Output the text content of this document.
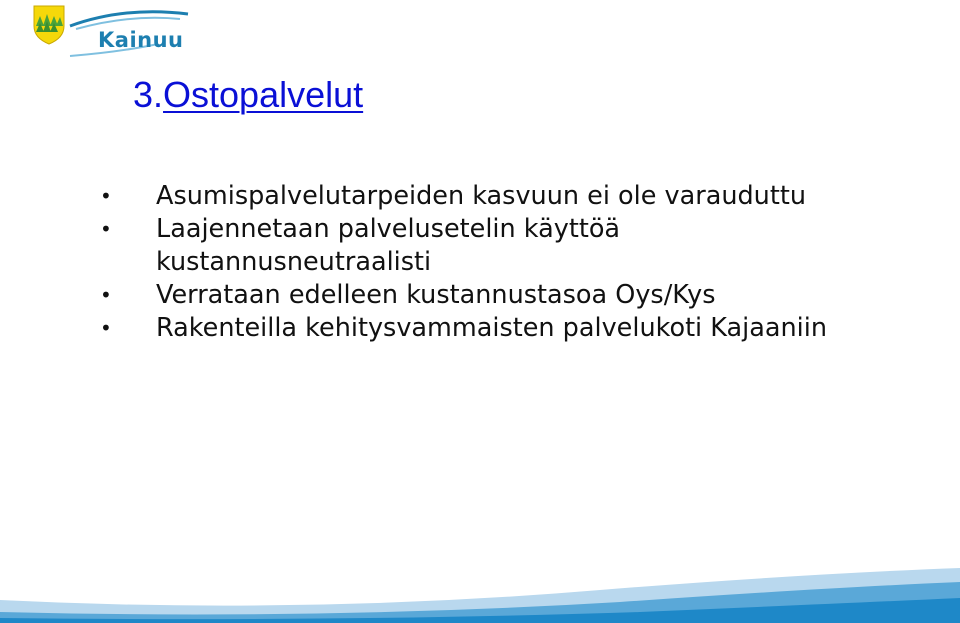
Kainuu
3.Ostopalvelut
• Asumispalvelutarpeiden kasvuun ei ole varauduttu
• Laajennetaan palvelusetelin käyttöä
kustannusneutraalisti
• Verrataan edelleen kustannustasoa Oys/Kys
• Rakenteilla kehitysvammaisten palvelukoti Kajaaniin
